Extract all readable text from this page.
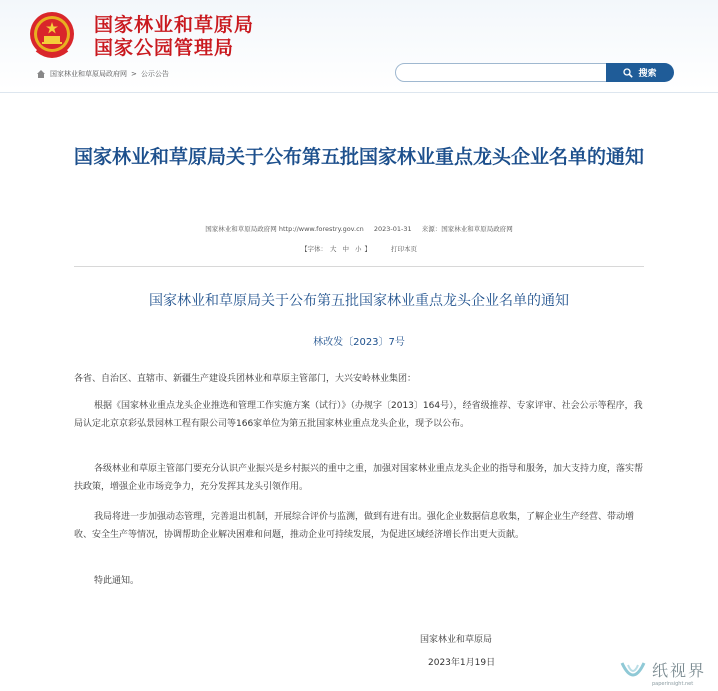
国家林业和草原局
国家公园管理局
国家林业和草原局政府网 > 公示公告	搜索
国家林业和草原局关于公布第五批国家林业重点龙头企业名单的通知
国家林业和草原局政府网 http://www.forestry.gov.cn 2023-01-31 来源：国家林业和草原局政府网
【字体： 大 中 小 】	打印本页
国家林业和草原局关于公布第五批国家林业重点龙头企业名单的通知
林改发〔2023〕7号

各省、自治区、直辖市、新疆生产建设兵团林业和草原主管部门，大兴安岭林业集团：

根据《国家林业重点龙头企业推选和管理工作实施方案（试行）》（办规字〔2013〕164号），经省级推荐、专家评审、社会公示等程序，我局认定北京京彩弘景园林工程有限公司等166家单位为第五批国家林业重点龙头企业，现予以公布。

各级林业和草原主管部门要充分认识产业振兴是乡村振兴的重中之重，加强对国家林业重点龙头企业的指导和服务，加大支持力度，落实帮扶政策，增强企业市场竞争力，充分发挥其龙头引领作用。

我局将进一步加强动态管理，完善退出机制，开展综合评价与监测，做到有进有出。强化企业数据信息收集，了解企业生产经营、带动增收、安全生产等情况，协调帮助企业解决困难和问题，推动企业可持续发展，为促进区域经济增长作出更大贡献。

特此通知。

国家林业和草原局
2023年1月19日	纸视界
paperinsight.net
